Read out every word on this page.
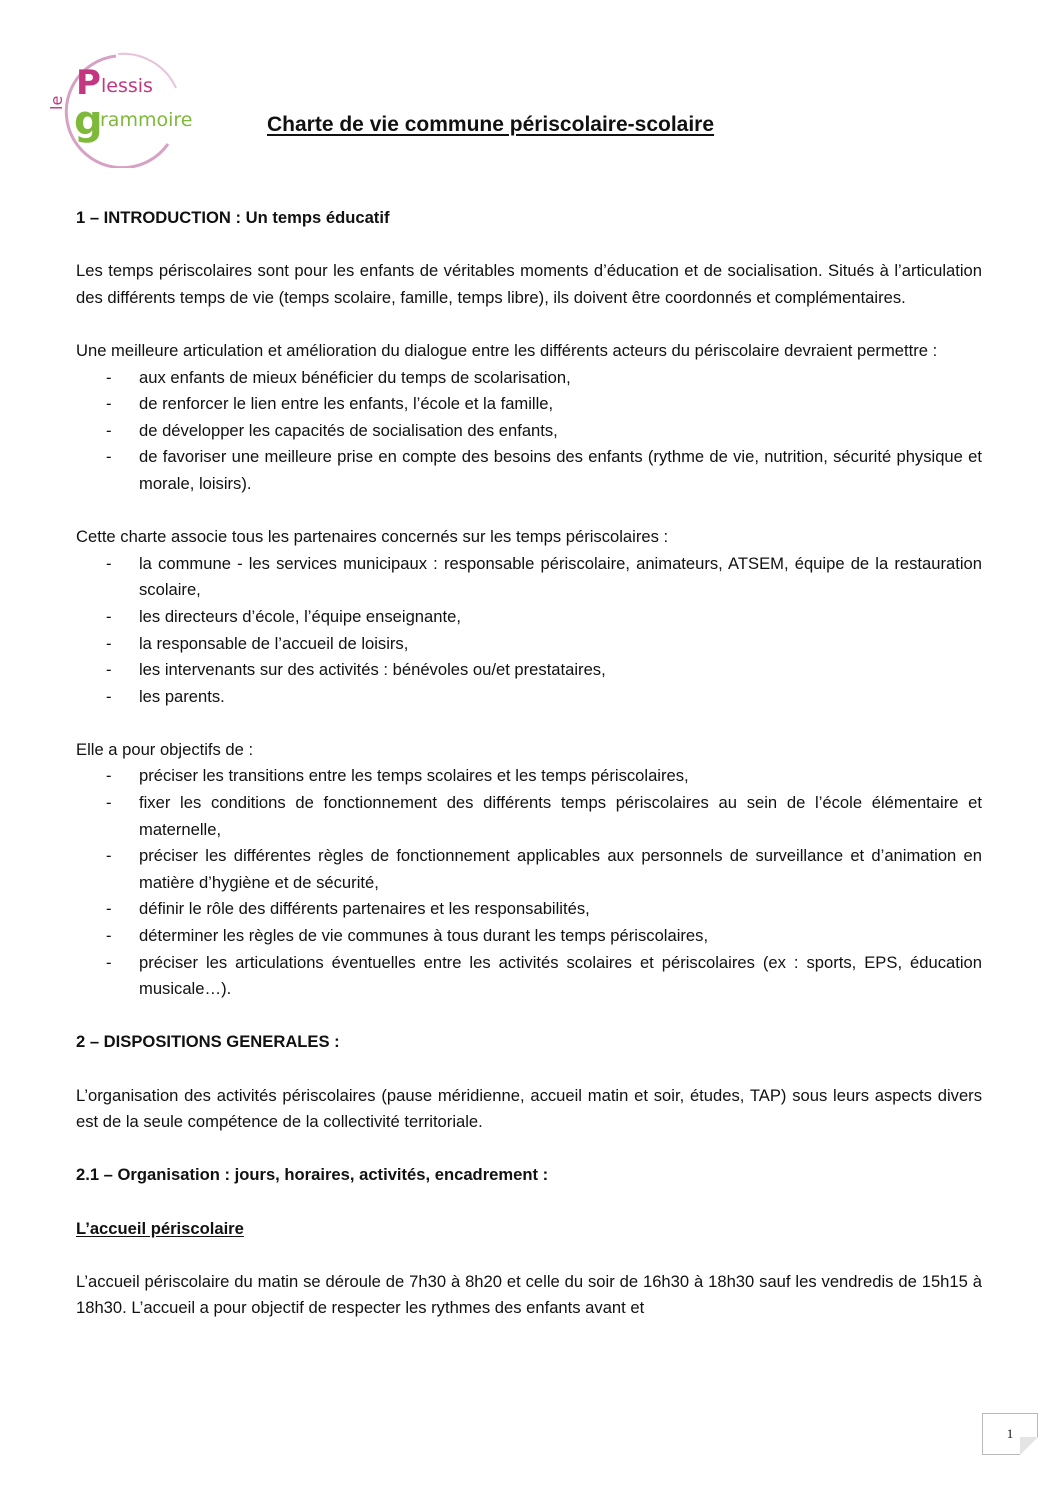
le P lessis
g
rammoire	Charte de vie commune périscolaire-scolaire
1 – INTRODUCTION : Un temps éducatif
Les temps périscolaires sont pour les enfants de véritables moments d’éducation et de socialisation. Situés à l’articulation des différents temps de vie (temps scolaire, famille, temps libre), ils doivent être coordonnés et complémentaires.
Une meilleure articulation et amélioration du dialogue entre les différents acteurs du périscolaire devraient permettre :
- aux enfants de mieux bénéficier du temps de scolarisation,
- de renforcer le lien entre les enfants, l’école et la famille,
- de développer les capacités de socialisation des enfants,
- de favoriser une meilleure prise en compte des besoins des enfants (rythme de vie, nutrition, sécurité physique et morale, loisirs).
Cette charte associe tous les partenaires concernés sur les temps périscolaires :
- la commune - les services municipaux : responsable périscolaire, animateurs, ATSEM, équipe de la restauration scolaire,
- les directeurs d’école, l’équipe enseignante,
- la responsable de l’accueil de loisirs,
- les intervenants sur des activités : bénévoles ou/et prestataires,
- les parents.
Elle a pour objectifs de :
- préciser les transitions entre les temps scolaires et les temps périscolaires,
- fixer les conditions de fonctionnement des différents temps périscolaires au sein de l’école élémentaire et maternelle,
- préciser les différentes règles de fonctionnement applicables aux personnels de surveillance et d’animation en matière d’hygiène et de sécurité,
- définir le rôle des différents partenaires et les responsabilités,
- déterminer les règles de vie communes à tous durant les temps périscolaires,
- préciser les articulations éventuelles entre les activités scolaires et périscolaires (ex : sports, EPS, éducation musicale…).
2 – DISPOSITIONS GENERALES :
L’organisation des activités périscolaires (pause méridienne, accueil matin et soir, études, TAP) sous leurs aspects divers est de la seule compétence de la collectivité territoriale.
2.1 – Organisation : jours, horaires, activités, encadrement :
L’accueil périscolaire
L’accueil périscolaire du matin se déroule de 7h30 à 8h20 et celle du soir de 16h30 à 18h30 sauf les vendredis de 15h15 à 18h30. L’accueil a pour objectif de respecter les rythmes des enfants avant et
1
